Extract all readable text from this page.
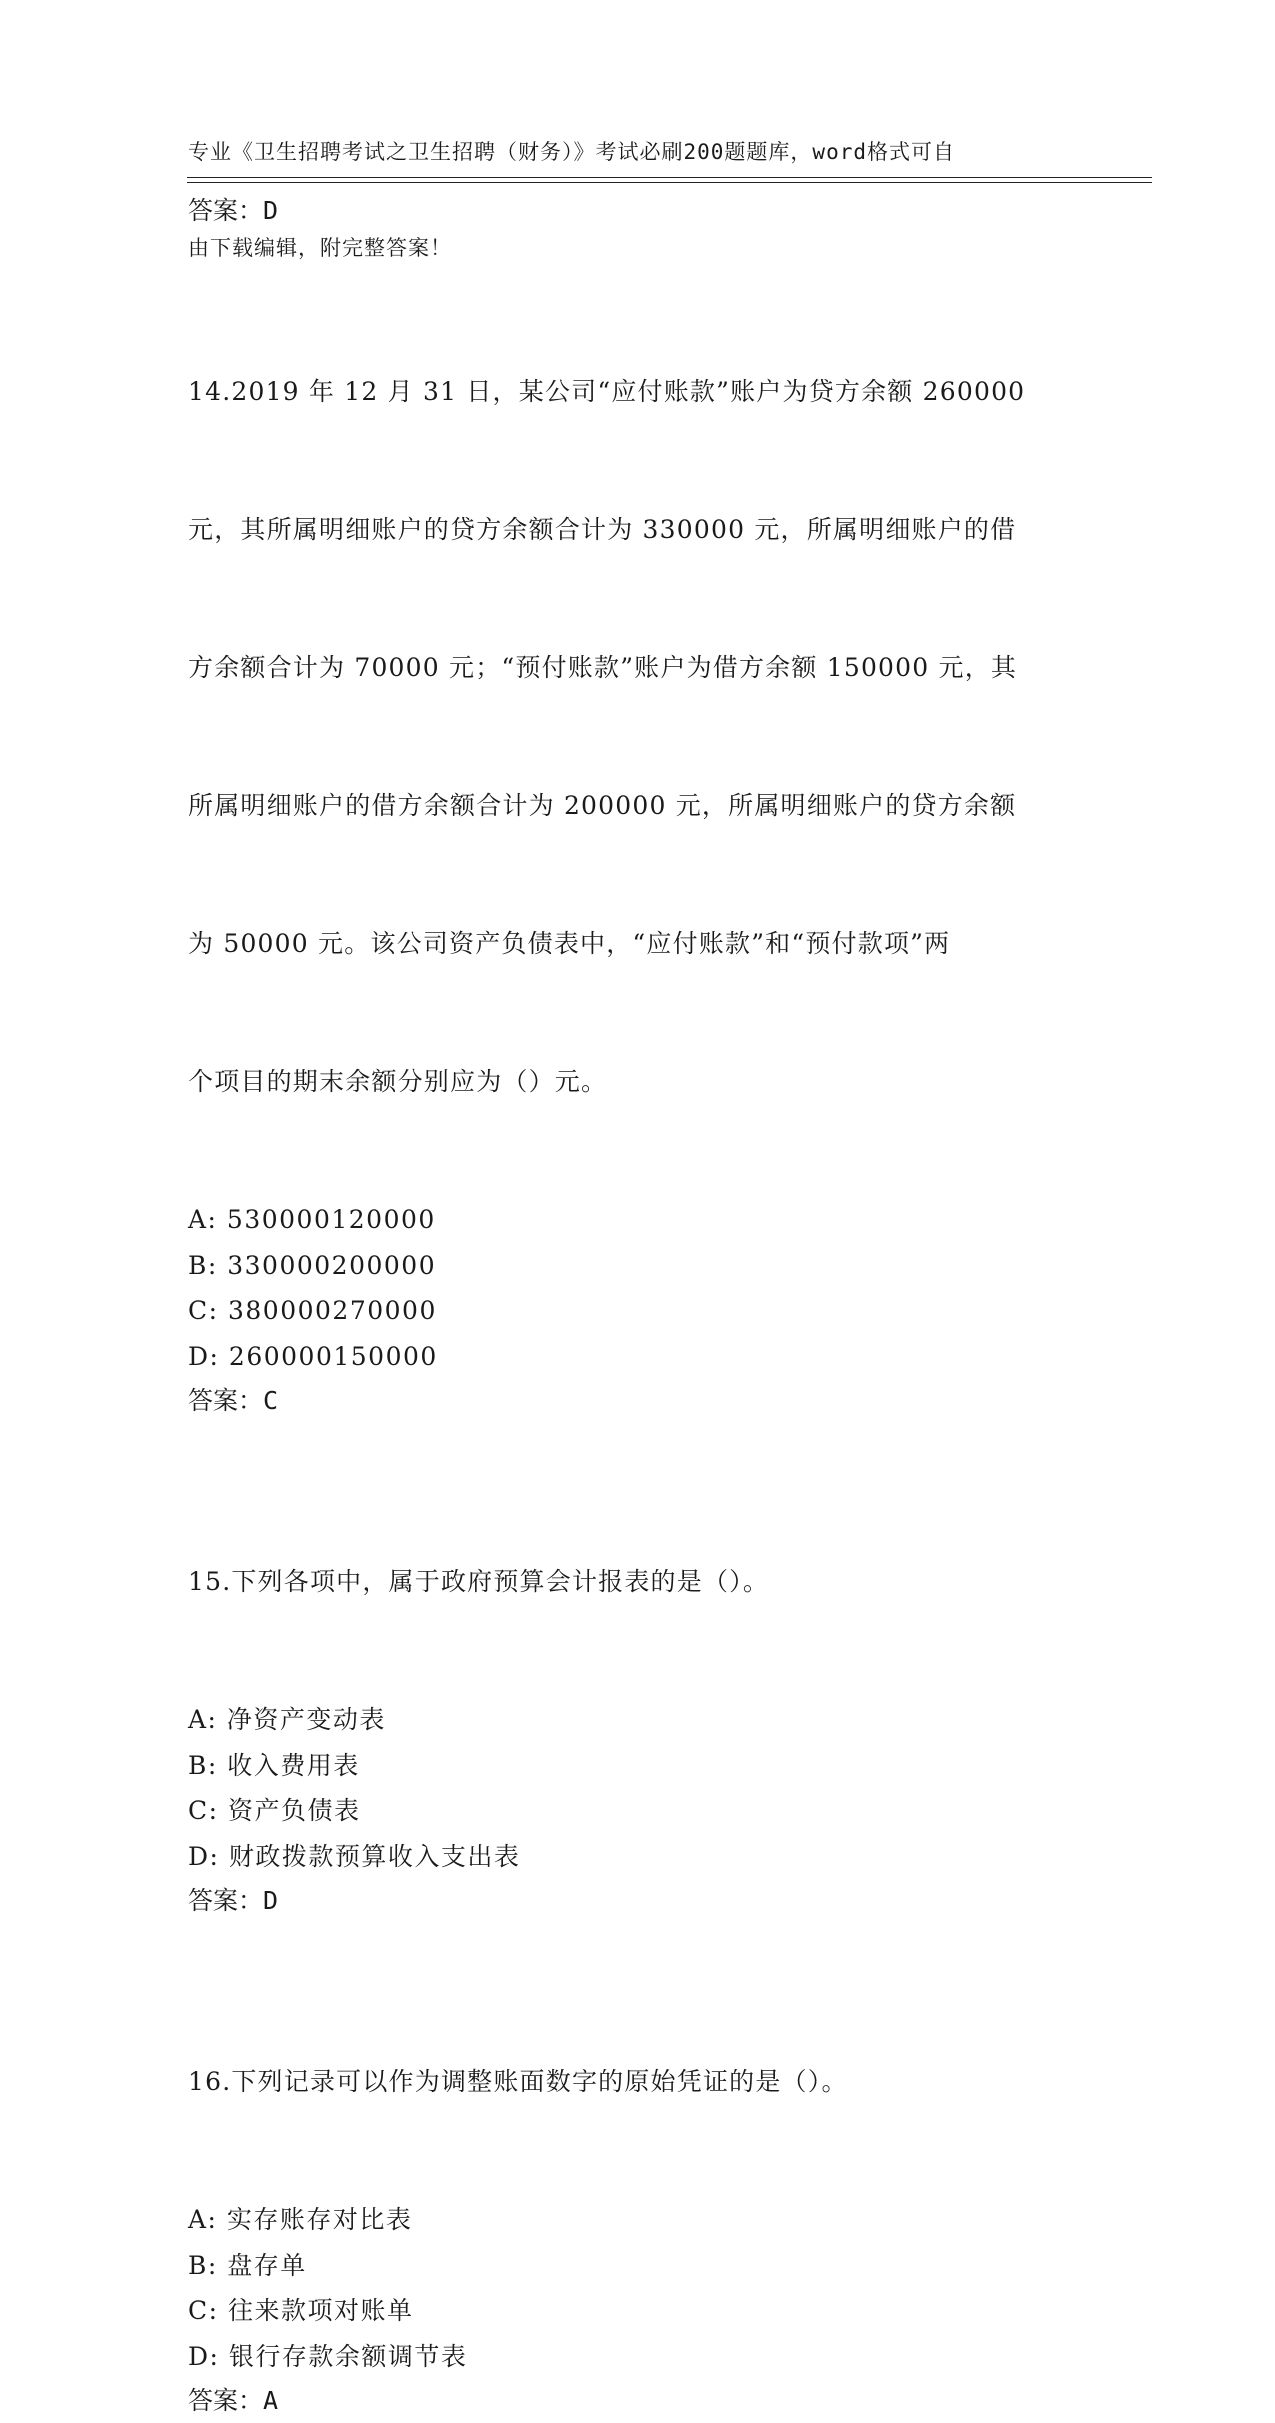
专业《卫生招聘考试之卫生招聘（财务）》考试必刷200题题库，word格式可自

由下载编辑，附完整答案！

答案：D

14.2019 年 12 月 31 日，某公司“应付账款”账户为贷方余额 260000

元，其所属明细账户的贷方余额合计为 330000 元，所属明细账户的借

方余额合计为 70000 元；“预付账款”账户为借方余额 150000 元，其

所属明细账户的借方余额合计为 200000 元，所属明细账户的贷方余额

为 50000 元。该公司资产负债表中，“应付账款”和“预付款项”两

个项目的期末余额分别应为（）元。

A: 530000120000
B: 330000200000
C: 380000270000
D: 260000150000
答案：C

15.下列各项中，属于政府预算会计报表的是（）。

A: 净资产变动表
B: 收入费用表
C: 资产负债表
D: 财政拨款预算收入支出表
答案：D

16.下列记录可以作为调整账面数字的原始凭证的是（）。

A: 实存账存对比表
B: 盘存单
C: 往来款项对账单
D: 银行存款余额调节表
答案：A
